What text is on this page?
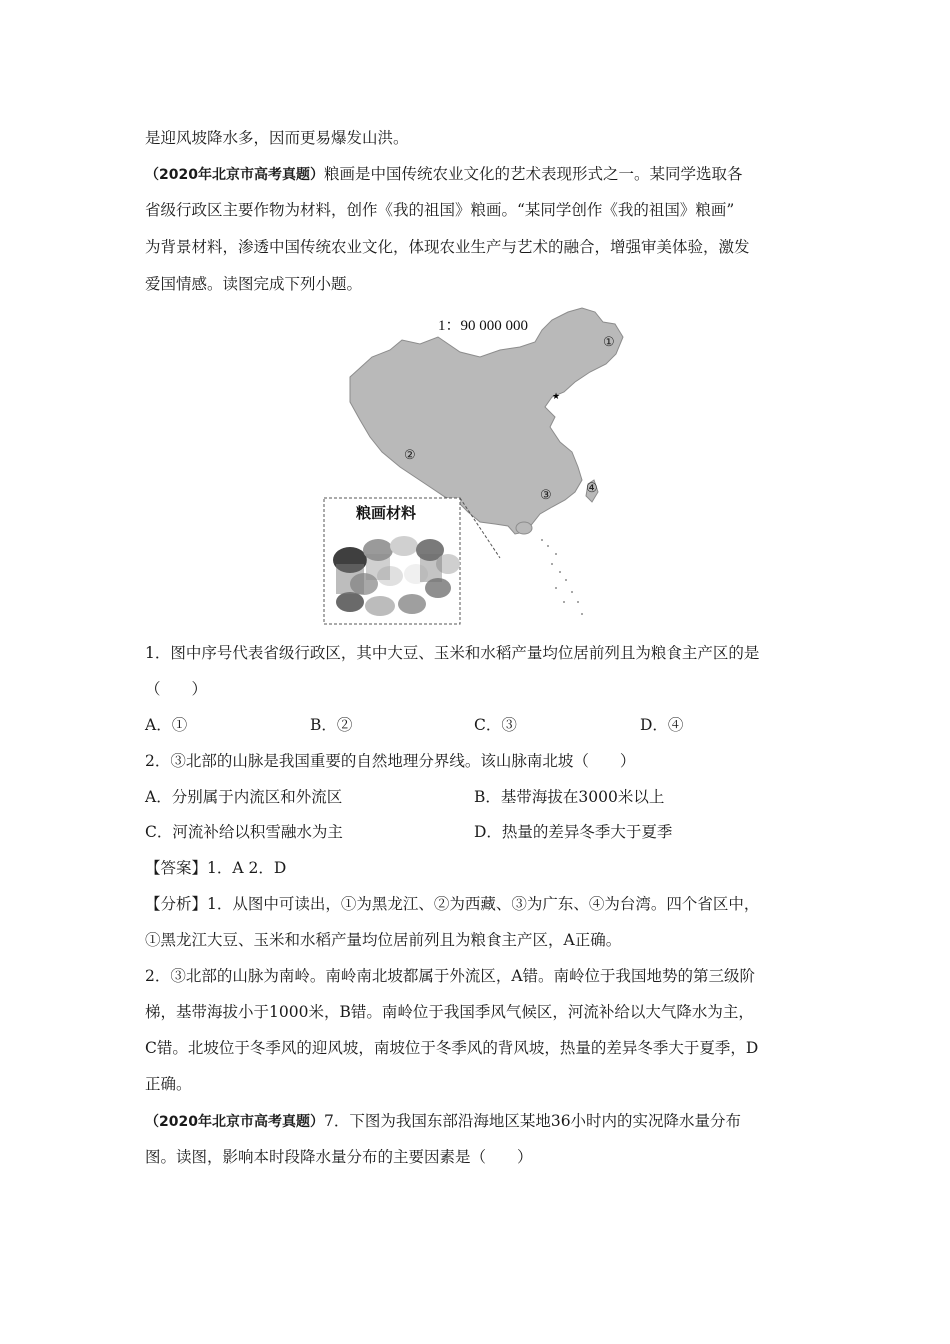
是迎风坡降水多，因而更易爆发山洪。
（2020年北京市高考真题）粮画是中国传统农业文化的艺术表现形式之一。某同学选取各
省级行政区主要作物为材料，创作《我的祖国》粮画。“某同学创作《我的祖国》粮画”
为背景材料，渗透中国传统农业文化，体现农业生产与艺术的融合，增强审美体验，激发
爱国情感。读图完成下列小题。
★
1：90 000 000
①
②
③	④
粮画材料
1．图中序号代表省级行政区，其中大豆、玉米和水稻产量均位居前列且为粮食主产区的是
（　　）
A．①	B．②	C．③	D．④
2．③北部的山脉是我国重要的自然地理分界线。该山脉南北坡（　　）
A．分别属于内流区和外流区	B．基带海拔在3000米以上
C．河流补给以积雪融水为主	D．热量的差异冬季大于夏季
【答案】1．A 2．D
【分析】1．从图中可读出，①为黑龙江、②为西藏、③为广东、④为台湾。四个省区中，
①黑龙江大豆、玉米和水稻产量均位居前列且为粮食主产区，A正确。
2．③北部的山脉为南岭。南岭南北坡都属于外流区，A错。南岭位于我国地势的第三级阶
梯，基带海拔小于1000米，B错。南岭位于我国季风气候区，河流补给以大气降水为主，
C错。北坡位于冬季风的迎风坡，南坡位于冬季风的背风坡，热量的差异冬季大于夏季，D
正确。
（2020年北京市高考真题）7．下图为我国东部沿海地区某地36小时内的实况降水量分布
图。读图，影响本时段降水量分布的主要因素是（　　）
